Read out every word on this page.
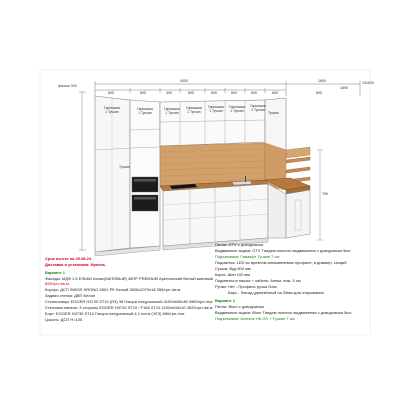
131890
4000	1800
1890
фальш 300
750
600	800	400	800	600	600	600	800	800
Гармошка
1 Тучкан
Гармошка
1 Тучкан
Гармошка
1 Тучкан
Гармошка
1 Тучкан
Гармошка
1 Тучкан
Гармошка
1 Тучкан
Гармошка
1 Тучкан
Тучкан
Тучкан
Срок изгото на 25.08.24
Доставка и установка: Ирпень
Вариант 1
Фасады: МДФ 1,5 ЕЛЬКИ Аспис(МАТОВЫЙ) 45ПР PREMIUM Арктический Белый матовый
855/грн./кв.м
Корпус: ДСП SWISS KRONO К501 PE Белый 2800x2070x18 355/грн./кв.м
Задняя стенка: ДВП Белое
Столешница: EGGER H3730 ST10 (R3) 38 Гикори натуральный 4100x600x38 4960/грн./пог.
Стеновая панель: 3 стороны EGGER H3730 ST10 / F166 ST10 4100x640x10 4520/грн./кв.м
Борт: EGGER H3730 ST10 Гикори натуральный 4,1 пог.м (ЭГЗ) 680/грн./пог.
Цоколь: ДСП H=100
Петли: GTV с доводчиком
Выдвижные ящики: GTV Тандем полного выдвижения с доводчиком 5шт.
Подъемники: Гамакфт Тучкан 7 шт.
Подсветка: LED во врезном алюминиевом профиле, в диммер. секций
Сушка: Вуд 600 мм
Карго: Шип 100 мм
Подсветка в нишах + кабель: Алюм. ниж. 5 см
Ручки: Нет - Профиль ручка Gola
Барс - Фасад удлинённый на 20мм для открывания
Вариант 2
Петли: Blum с доводчиком
Выдвижные ящики: Blum Тандем полного выдвижения с доводчиком 5шт.
Подъемники: Aventos HK-XS + Тучкан 7 шт.
